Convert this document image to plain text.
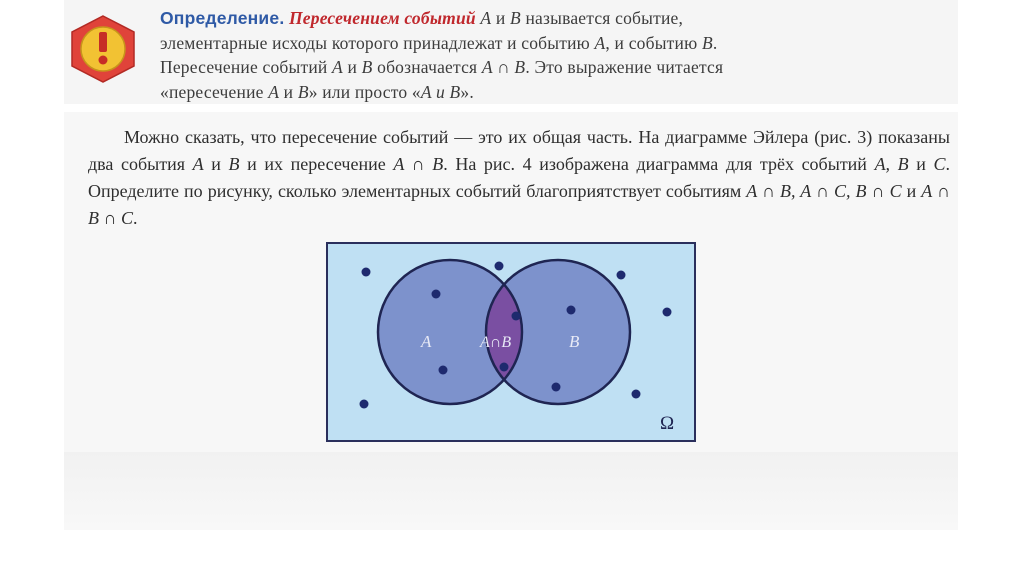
Определение. Пересечением событий A и B называется событие,
элементарные исходы которого принадлежат и событию A, и событию B.
Пересечение событий A и B обозначается A ∩ B. Это выражение читается
«пересечение A и B» или просто «A и B».
Можно сказать, что пересечение событий — это их общая часть. На диаграмме Эйлера (рис. 3) показаны два события A и B и их пересечение A ∩ B. На рис. 4 изображена диаграмма для трёх событий A, B и C. Определите по рисунку, сколько элементарных событий благоприятствует событиям A ∩ B, A ∩ C, B ∩ C и A ∩ B ∩ C.
A	A∩B	B
Ω
